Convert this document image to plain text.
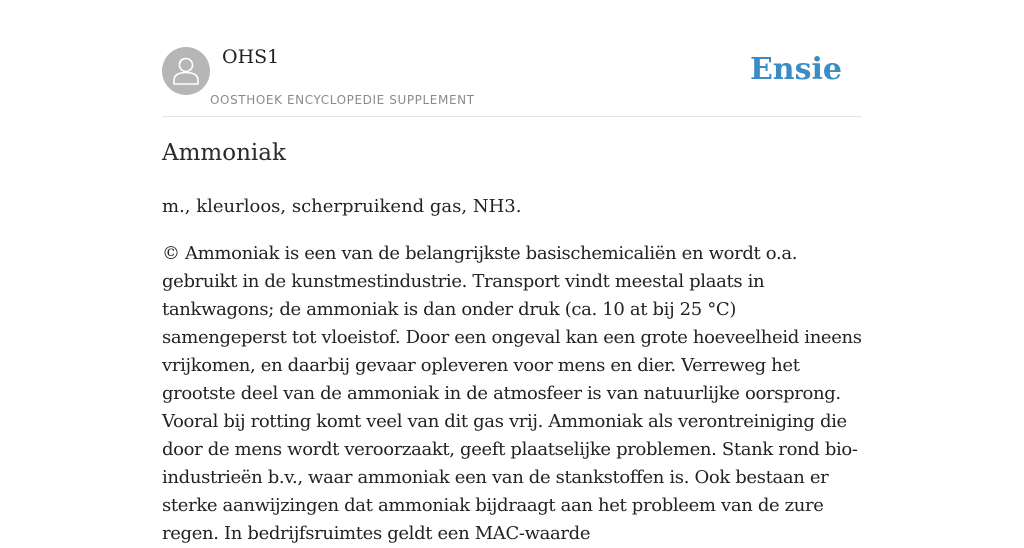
OHS1
OOSTHOEK ENCYCLOPEDIE SUPPLEMENT
Ensie
Ammoniak

m., kleurloos, scherpruikend gas, NH3.

© Ammoniak is een van de belangrijkste basischemicaliën en wordt o.a. gebruikt in de kunstmestindustrie. Transport vindt meestal plaats in tankwagons; de ammoniak is dan onder druk (ca. 10 at bij 25 °C) samengeperst tot vloeistof. Door een ongeval kan een grote hoeveelheid ineens vrijkomen, en daarbij gevaar opleveren voor mens en dier. Verreweg het grootste deel van de ammoniak in de atmosfeer is van natuurlijke oorsprong. Vooral bij rotting komt veel van dit gas vrij. Ammoniak als verontreiniging die door de mens wordt veroorzaakt, geeft plaatselijke problemen. Stank rond bio-industrieën b.v., waar ammoniak een van de stankstoffen is. Ook bestaan er sterke aanwijzingen dat ammoniak bijdraagt aan het probleem van de zure regen. In bedrijfsruimtes geldt een MAC-waarde
